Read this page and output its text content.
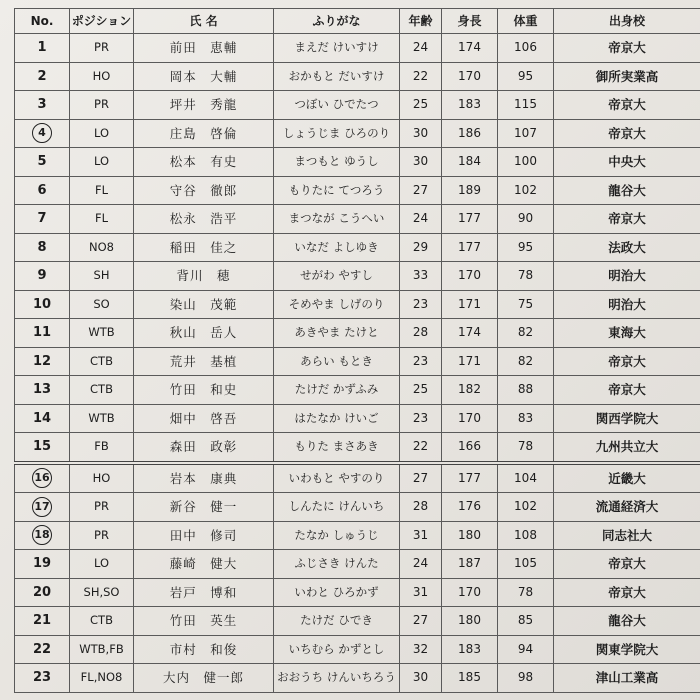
No.	ポジション	氏 名	ふりがな	年齢	身長	体重	出身校
1	PR	前田　恵輔	まえだ けいすけ	24	174	106	帝京大
2	HO	岡本　大輔	おかもと だいすけ	22	170	95	御所実業高
3	PR	坪井　秀龍	つぼい ひでたつ	25	183	115	帝京大
4	LO	庄島　啓倫	しょうじま ひろのり	30	186	107	帝京大
5	LO	松本　有史	まつもと ゆうし	30	184	100	中央大
6	FL	守谷　徹郎	もりたに てつろう	27	189	102	龍谷大
7	FL	松永　浩平	まつなが こうへい	24	177	90	帝京大
8	NO8	稲田　佳之	いなだ よしゆき	29	177	95	法政大
9	SH	背川　穂	せがわ やすし	33	170	78	明治大
10	SO	染山　茂範	そめやま しげのり	23	171	75	明治大
11	WTB	秋山　岳人	あきやま たけと	28	174	82	東海大
12	CTB	荒井　基植	あらい もとき	23	171	82	帝京大
13	CTB	竹田　和史	たけだ かずふみ	25	182	88	帝京大
14	WTB	畑中　啓吾	はたなか けいご	23	170	83	関西学院大
15	FB	森田　政彰	もりた まさあき	22	166	78	九州共立大
16	HO	岩本　康典	いわもと やすのり	27	177	104	近畿大
17	PR	新谷　健一	しんたに けんいち	28	176	102	流通経済大
18	PR	田中　修司	たなか しゅうじ	31	180	108	同志社大
19	LO	藤崎　健大	ふじさき けんた	24	187	105	帝京大
20	SH,SO	岩戸　博和	いわと ひろかず	31	170	78	帝京大
21	CTB	竹田　英生	たけだ ひでき	27	180	85	龍谷大
22	WTB,FB	市村　和俊	いちむら かずとし	32	183	94	関東学院大
23	FL,NO8	大内　健一郎	おおうち けんいちろう	30	185	98	津山工業高
